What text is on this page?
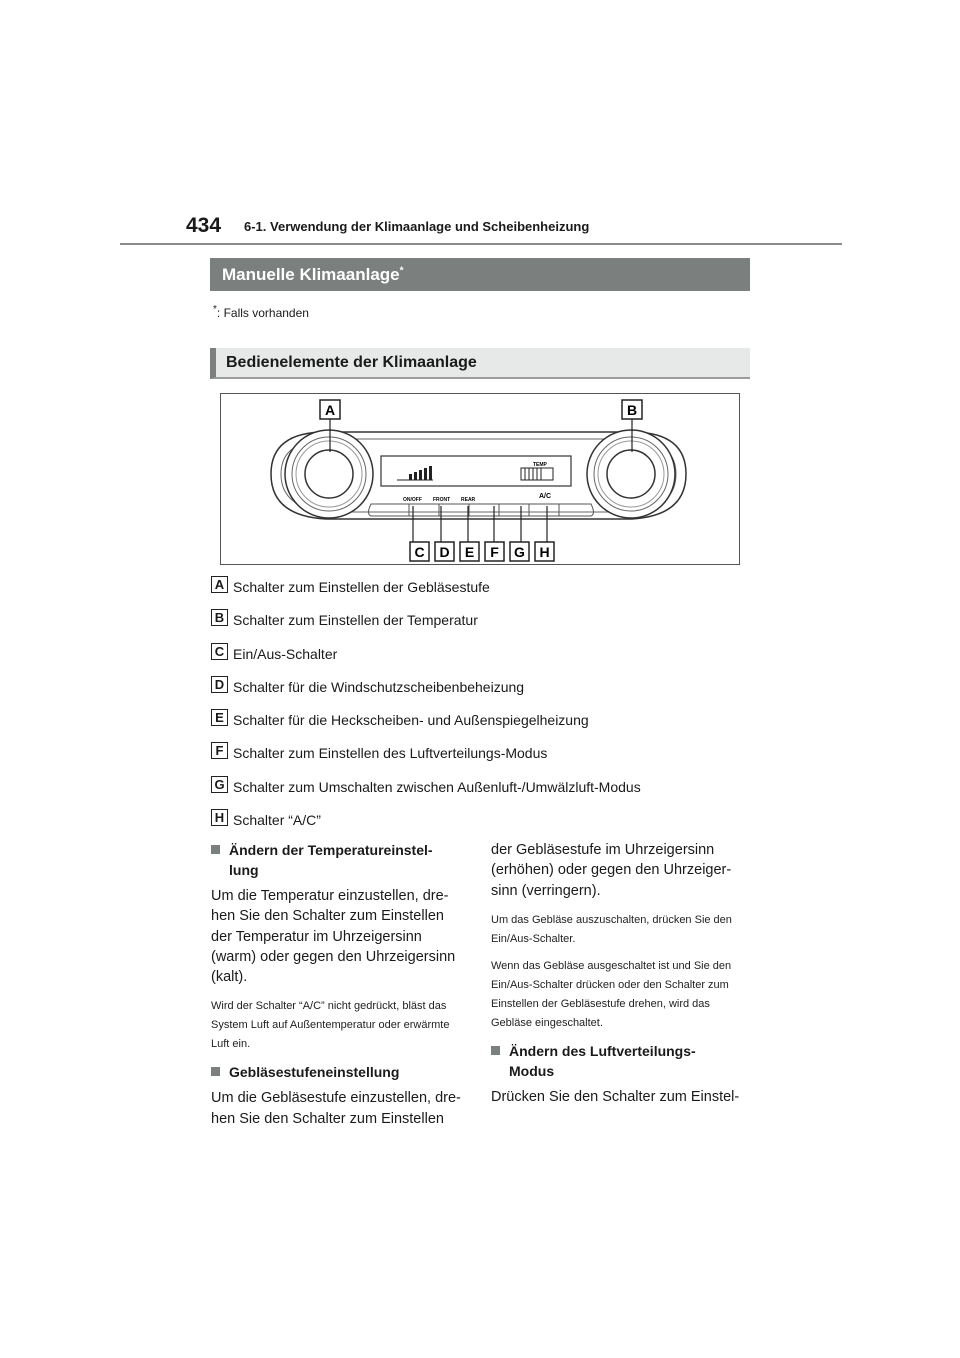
434 6-1. Verwendung der Klimaanlage und Scheibenheizung
Manuelle Klimaanlage*
*: Falls vorhanden
Bedienelemente der Klimaanlage
TEMP
ON/OFF FRONT REAR	A/C
A	B
C D E F G H
A Schalter zum Einstellen der Gebläsestufe
B Schalter zum Einstellen der Temperatur
C Ein/Aus-Schalter
D Schalter für die Windschutzscheibenbeheizung
E Schalter für die Heckscheiben- und Außenspiegelheizung
F Schalter zum Einstellen des Luftverteilungs-Modus
G Schalter zum Umschalten zwischen Außenluft-/Umwälzluft-Modus
H Schalter “A/C”
Ändern der Temperatureinstel-
lung
Um die Temperatur einzustellen, dre-hen Sie den Schalter zum Einstellen der Temperatur im Uhrzeigersinn (warm) oder gegen den Uhrzeigersinn (kalt).
Wird der Schalter “A/C” nicht gedrückt, bläst das System Luft auf Außentemperatur oder erwärmte Luft ein.
Gebläsestufeneinstellung
Um die Gebläsestufe einzustellen, dre-hen Sie den Schalter zum Einstellen
der Gebläsestufe im Uhrzeigersinn (erhöhen) oder gegen den Uhrzeiger-sinn (verringern).
Um das Gebläse auszuschalten, drücken Sie den Ein/Aus-Schalter.
Wenn das Gebläse ausgeschaltet ist und Sie den Ein/Aus-Schalter drücken oder den Schalter zum Einstellen der Gebläsestufe drehen, wird das Gebläse eingeschaltet.
Ändern des Luftverteilungs-
Modus
Drücken Sie den Schalter zum Einstel-
